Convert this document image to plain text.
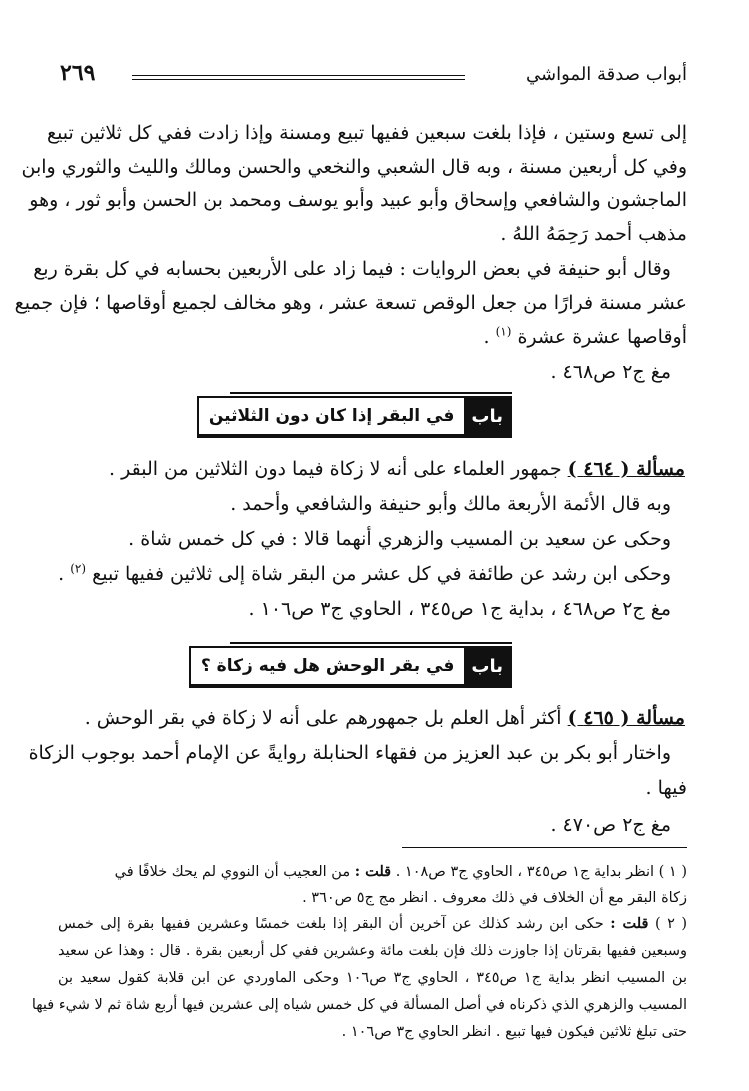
أبواب صدقة المواشي
٢٦٩
إلى تسع وستين ، فإذا بلغت سبعين ففيها تبيع ومسنة وإذا زادت ففي كل ثلاثين تبيع
وفي كل أربعين مسنة ، وبه قال الشعبي والنخعي والحسن ومالك والليث والثوري وابن
الماجشون والشافعي وإسحاق وأبو عبيد وأبو يوسف ومحمد بن الحسن وأبو ثور ، وهو
مذهب أحمد رَحِمَهُ اللهُ .
وقال أبو حنيفة في بعض الروايات : فيما زاد على الأربعين بحسابه في كل بقرة ربع
عشر مسنة فرارًا من جعل الوقص تسعة عشر ، وهو مخالف لجميع أوقاصها ؛ فإن جميع
أوقاصها عشرة عشرة $^{(١)}$ .
مغ ج٢ ص٤٦٨ .
باب
في البقر إذا كان دون الثلاثين
مسألة ( ٤٦٤ ) جمهور العلماء على أنه لا زكاة فيما دون الثلاثين من البقر .
وبه قال الأئمة الأربعة مالك وأبو حنيفة والشافعي وأحمد .
وحكى عن سعيد بن المسيب والزهري أنهما قالا : في كل خمس شاة .
وحكى ابن رشد عن طائفة في كل عشر من البقر شاة إلى ثلاثين ففيها تبيع $^{(٢)}$ .
مغ ج٢ ص٤٦٨ ، بداية ج١ ص٣٤٥ ، الحاوي ج٣ ص١٠٦ .
باب
في بقر الوحش هل فيه زكاة ؟
مسألة ( ٤٦٥ ) أكثر أهل العلم بل جمهورهم على أنه لا زكاة في بقر الوحش .
واختار أبو بكر بن عبد العزيز من فقهاء الحنابلة روايةً عن الإمام أحمد بوجوب الزكاة
فيها .
مغ ج٢ ص٤٧٠ .
( ١ ) انظر بداية ج١ ص٣٤٥ ، الحاوي ج٣ ص١٠٨ . قلت : من العجيب أن النووي لم يحك خلافًا في
زكاة البقر مع أن الخلاف في ذلك معروف . انظر مج ج٥ ص٣٦٠ .
( ٢ ) قلت : حكى ابن رشد كذلك عن آخرين أن البقر إذا بلغت خمسًا وعشرين ففيها بقرة إلى خمس
وسبعين ففيها بقرتان إذا جاوزت ذلك فإن بلغت مائة وعشرين ففي كل أربعين بقرة . قال : وهذا عن سعيد
بن المسيب انظر بداية ج١ ص٣٤٥ ، الحاوي ج٣ ص١٠٦ وحكى الماوردي عن ابن قلابة كقول سعيد بن
المسيب والزهري الذي ذكرناه في أصل المسألة في كل خمس شياه إلى عشرين فيها أربع شاة ثم لا شيء فيها
حتى تبلغ ثلاثين فيكون فيها تبيع . انظر الحاوي ج٣ ص١٠٦ .
